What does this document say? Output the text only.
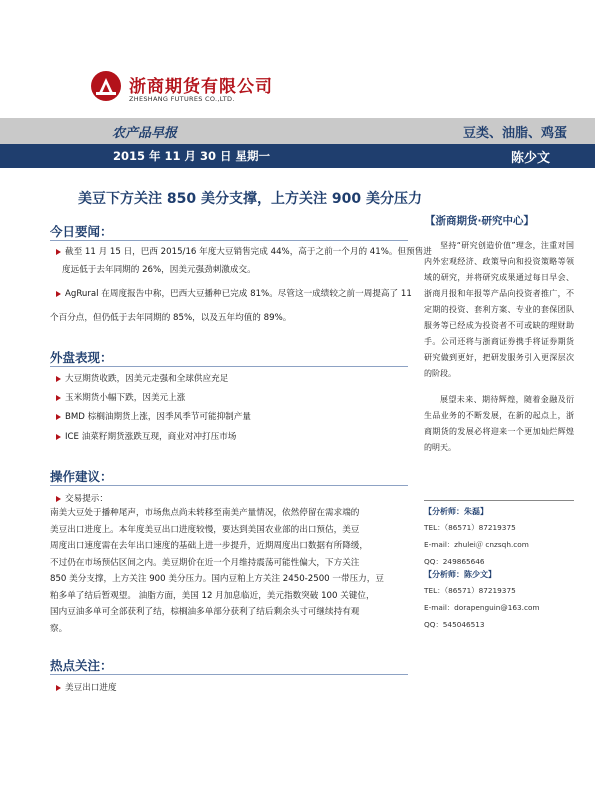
浙商期货有限公司
ZHESHANG FUTURES CO.,LTD.
农产品早报	豆类、油脂、鸡蛋
2015 年 11 月 30 日 星期一	陈少文
美豆下方关注 850 美分支撑，上方关注 900 美分压力
今日要闻：
截至 11 月 15 日，巴西 2015/16 年度大豆销售完成 44%，高于之前一个月的 41%。但预售进
度远低于去年同期的 26%，因美元强劲刺激成交。
AgRural 在周度报告中称，巴西大豆播种已完成 81%。尽管这一成绩较之前一周提高了 11
个百分点，但仍低于去年同期的 85%，以及五年均值的 89%。
外盘表现：
大豆期货收跌，因美元走强和全球供应充足
玉米期货小幅下跌，因美元上涨
BMD 棕榈油期货上涨，因季风季节可能抑制产量
ICE 油菜籽期货涨跌互现，商业对冲打压市场
操作建议：
交易提示：
南美大豆处于播种尾声，市场焦点尚未转移至南美产量情况，依然停留在需求端的
美豆出口进度上。本年度美豆出口进度较慢，要达到美国农业部的出口预估，美豆
周度出口速度需在去年出口速度的基础上进一步提升，近期周度出口数据有所降缓，
不过仍在市场预估区间之内。美豆期价在近一个月维持震荡可能性偏大，下方关注
850 美分支撑，上方关注 900 美分压力。国内豆粕上方关注 2450-2500 一带压力，豆
粕多单了结后暂观望。 油脂方面，美国 12 月加息临近，美元指数突破 100 关键位，
国内豆油多单可全部获利了结，棕榈油多单部分获利了结后剩余头寸可继续持有观
察。
热点关注：
美豆出口进度
【浙商期货·研究中心】
坚持“研究创造价值”理念，注重对国内外宏观经济、政策导向和投资策略等领域的研究，并将研究成果通过每日早会、浙商月报和年报等产品向投资者推广，不定期的投资、套利方案、专业的套保团队服务等已经成为投资者不可或缺的理财助手。公司还将与浙商证券携手将证券期货研究做到更好，把研发服务引入更深层次的阶段。
展望未来、期待辉煌，随着金融及衍生品业务的不断发展，在新的起点上，浙商期货的发展必将迎来一个更加灿烂辉煌的明天。
【分析师：朱磊】
TEL：（86571）87219375
E-mail：zhulei＠ cnzsqh.com
QQ：249865646
【分析师：陈少文】
TEL：（86571）87219375
E-mail：dorapenguin@163.com
QQ：545046513
